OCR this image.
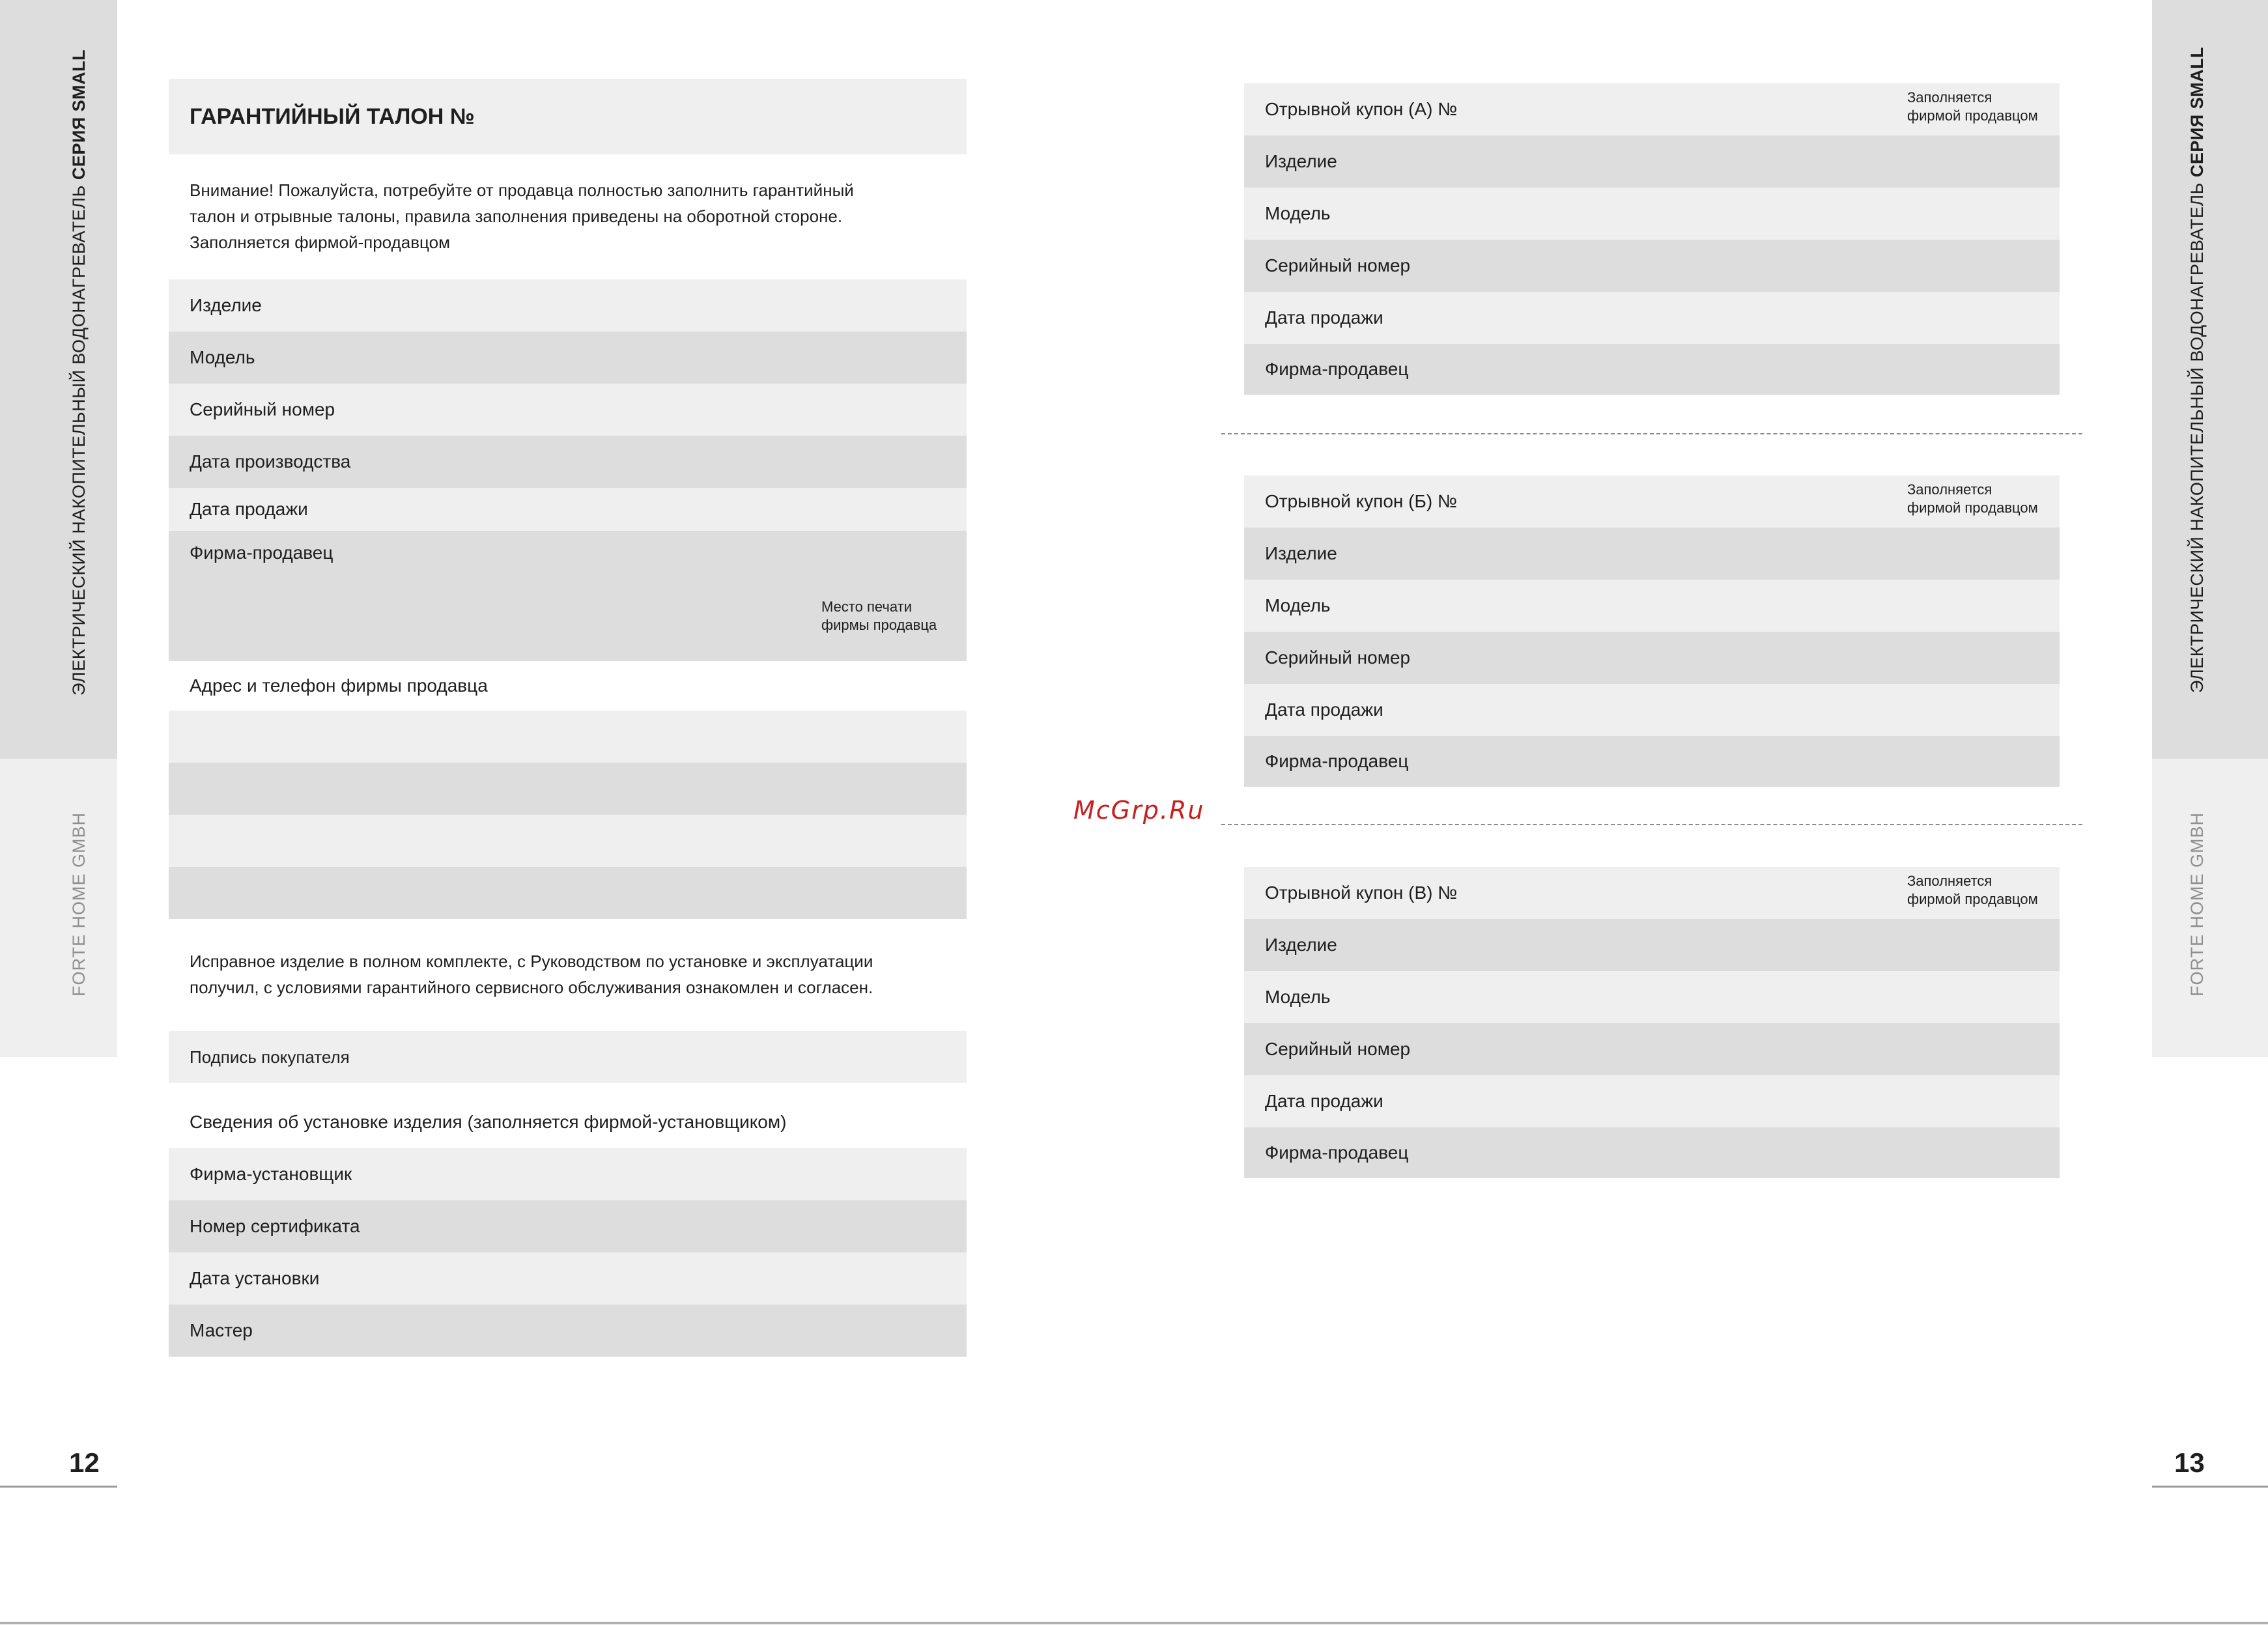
ЭЛЕКТРИЧЕСКИЙ НАКОПИТЕЛЬНЫЙ ВОДОНАГРЕВАТЕЛЬ СЕРИЯ SMALL
FORTE HOME GMBH
12
ЭЛЕКТРИЧЕСКИЙ НАКОПИТЕЛЬНЫЙ ВОДОНАГРЕВАТЕЛЬ СЕРИЯ SMALL
FORTE HOME GMBH
13
ГАРАНТИЙНЫЙ ТАЛОН №
Внимание! Пожалуйста, потребуйте от продавца полностью заполнить гарантийный
талон и отрывные талоны, правила заполнения приведены на оборотной стороне.
Заполняется фирмой-продавцом
Изделие
Модель
Серийный номер
Дата производства
Дата продажи
Фирма-продавец
Место печати
фирмы продавца
Адрес и телефон фирмы продавца
Исправное изделие в полном комплекте, с Руководством по установке и эксплуатации
получил, с условиями гарантийного сервисного обслуживания ознакомлен и согласен.
Подпись покупателя
Сведения об установке изделия (заполняется фирмой-установщиком)
Фирма-установщик
Номер сертификата
Дата установки
Мастер
McGrp.Ru
Отрывной купон (А) №
Заполняется
фирмой продавцом
Изделие
Модель
Серийный номер
Дата продажи
Фирма-продавец
Отрывной купон (Б) №
Заполняется
фирмой продавцом
Изделие
Модель
Серийный номер
Дата продажи
Фирма-продавец
Отрывной купон (В) №
Заполняется
фирмой продавцом
Изделие
Модель
Серийный номер
Дата продажи
Фирма-продавец
